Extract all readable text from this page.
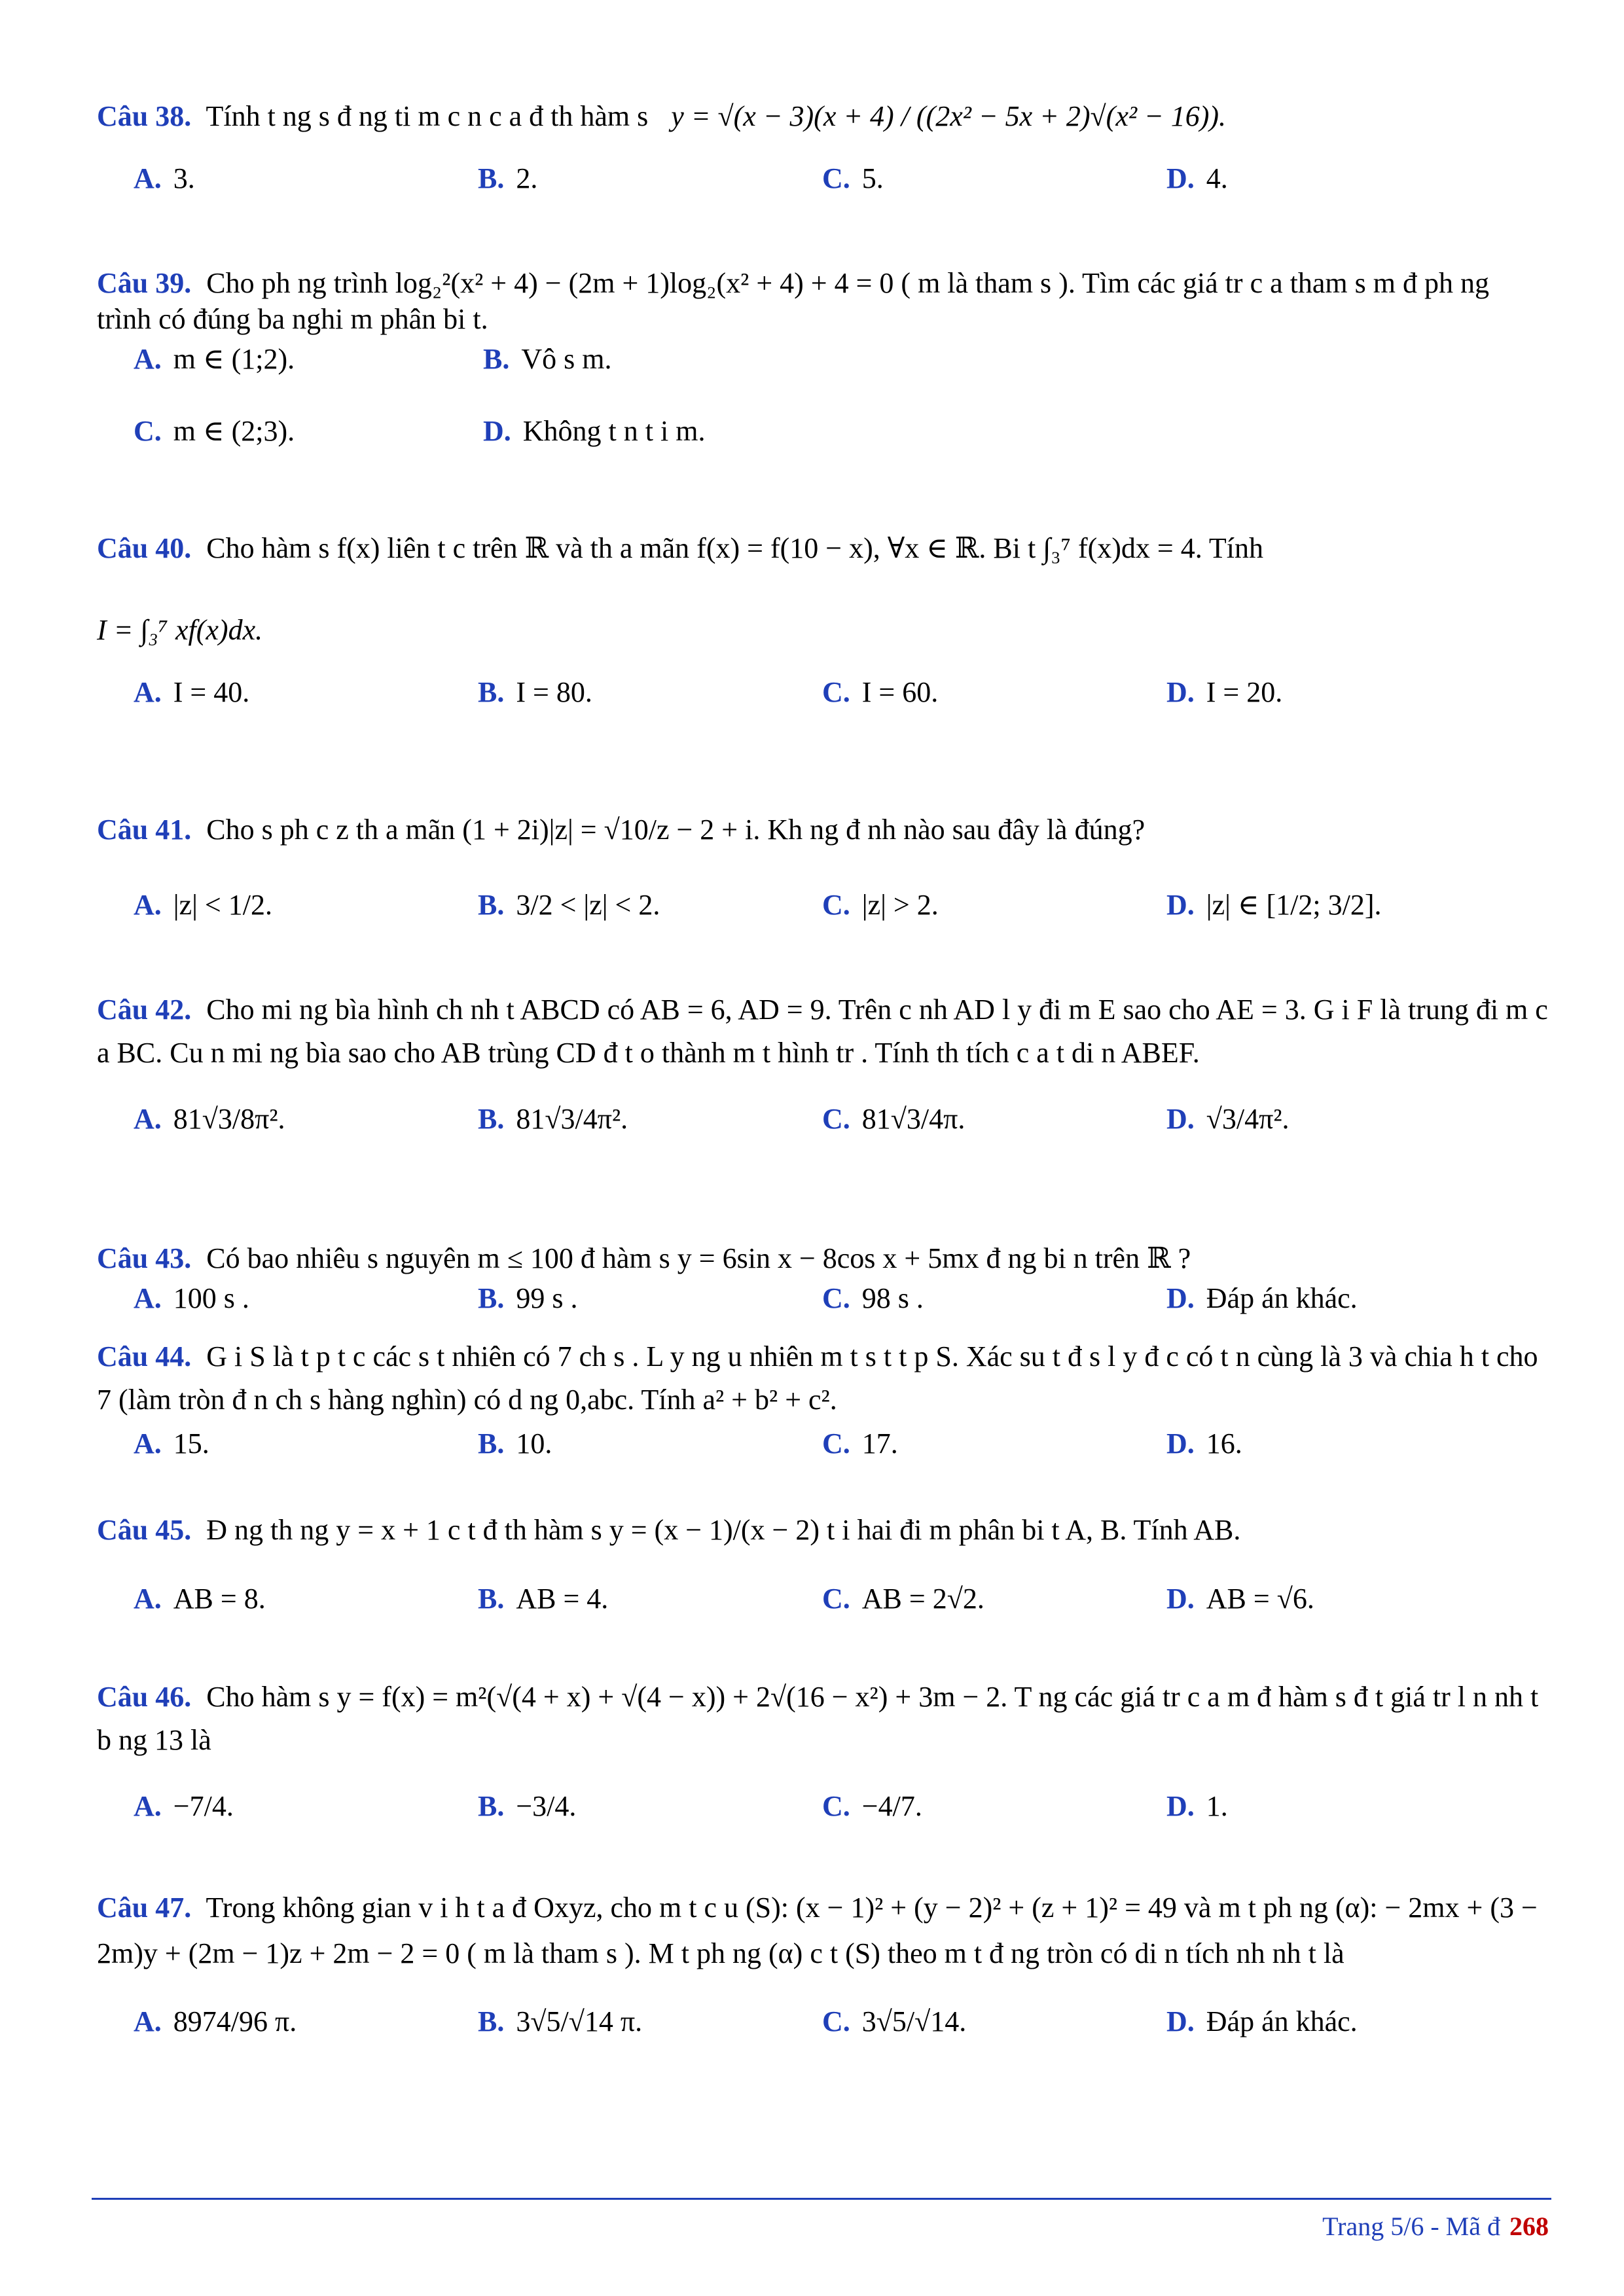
Câu 38. Tính t ng s đ ng ti m c n c a đ th hàm s y = √(x − 3)(x + 4) / ((2x² − 5x + 2)√(x² − 16)).
A. 3.	B. 2.	C. 5.	D. 4.
Câu 39. Cho ph ng trình log₂²(x² + 4) − (2m + 1)log₂(x² + 4) + 4 = 0 ( m là tham s ). Tìm các giá tr c a tham s m đ ph ng trình có đúng ba nghi m phân bi t.
A. m ∈ (1;2).	B. Vô s m.
C. m ∈ (2;3).	D. Không t n t i m.
Câu 40. Cho hàm s f(x) liên t c trên ℝ và th a mãn f(x) = f(10 − x), ∀x ∈ ℝ. Bi t ∫₃⁷ f(x)dx = 4. Tính
I = ∫₃⁷ xf(x)dx.
A. I = 40.	B. I = 80.	C. I = 60.	D. I = 20.
Câu 41. Cho s ph c z th a mãn (1 + 2i)|z| = √10/z − 2 + i. Kh ng đ nh nào sau đây là đúng?
A. |z| < 1/2.	B. 3/2 < |z| < 2.	C. |z| > 2.	D. |z| ∈ [1/2; 3/2].
Câu 42. Cho mi ng bìa hình ch nh t ABCD có AB = 6, AD = 9. Trên c nh AD l y đi m E sao cho AE = 3. G i F là trung đi m c a BC. Cu n mi ng bìa sao cho AB trùng CD đ t o thành m t hình tr . Tính th tích c a t di n ABEF.
A. 81√3/8π².	B. 81√3/4π².	C. 81√3/4π.	D. √3/4π².
Câu 43. Có bao nhiêu s nguyên m ≤ 100 đ hàm s y = 6sin x − 8cos x + 5mx đ ng bi n trên ℝ ?
A. 100 s .	B. 99 s .	C. 98 s .	D. Đáp án khác.
Câu 44. G i S là t p t c các s t nhiên có 7 ch s . L y ng u nhiên m t s t t p S. Xác su t đ s l y đ c có t n cùng là 3 và chia h t cho 7 (làm tròn đ n ch s hàng nghìn) có d ng 0,abc. Tính a² + b² + c².
A. 15.	B. 10.	C. 17.	D. 16.
Câu 45. Đ ng th ng y = x + 1 c t đ th hàm s y = (x − 1)/(x − 2) t i hai đi m phân bi t A, B. Tính AB.
A. AB = 8.	B. AB = 4.	C. AB = 2√2.	D. AB = √6.
Câu 46. Cho hàm s y = f(x) = m²(√(4 + x) + √(4 − x)) + 2√(16 − x²) + 3m − 2. T ng các giá tr c a m đ hàm s đ t giá tr l n nh t b ng 13 là
A. −7/4.	B. −3/4.	C. −4/7.	D. 1.
Câu 47. Trong không gian v i h t a đ Oxyz, cho m t c u (S): (x − 1)² + (y − 2)² + (z + 1)² = 49 và m t ph ng (α): − 2mx + (3 − 2m)y + (2m − 1)z + 2m − 2 = 0 ( m là tham s ). M t ph ng (α) c t (S) theo m t đ ng tròn có di n tích nh nh t là
A. 8974/96 π.	B. 3√5/√14 π.	C. 3√5/√14.	D. Đáp án khác.
Trang 5/6 - Mã đ 268
